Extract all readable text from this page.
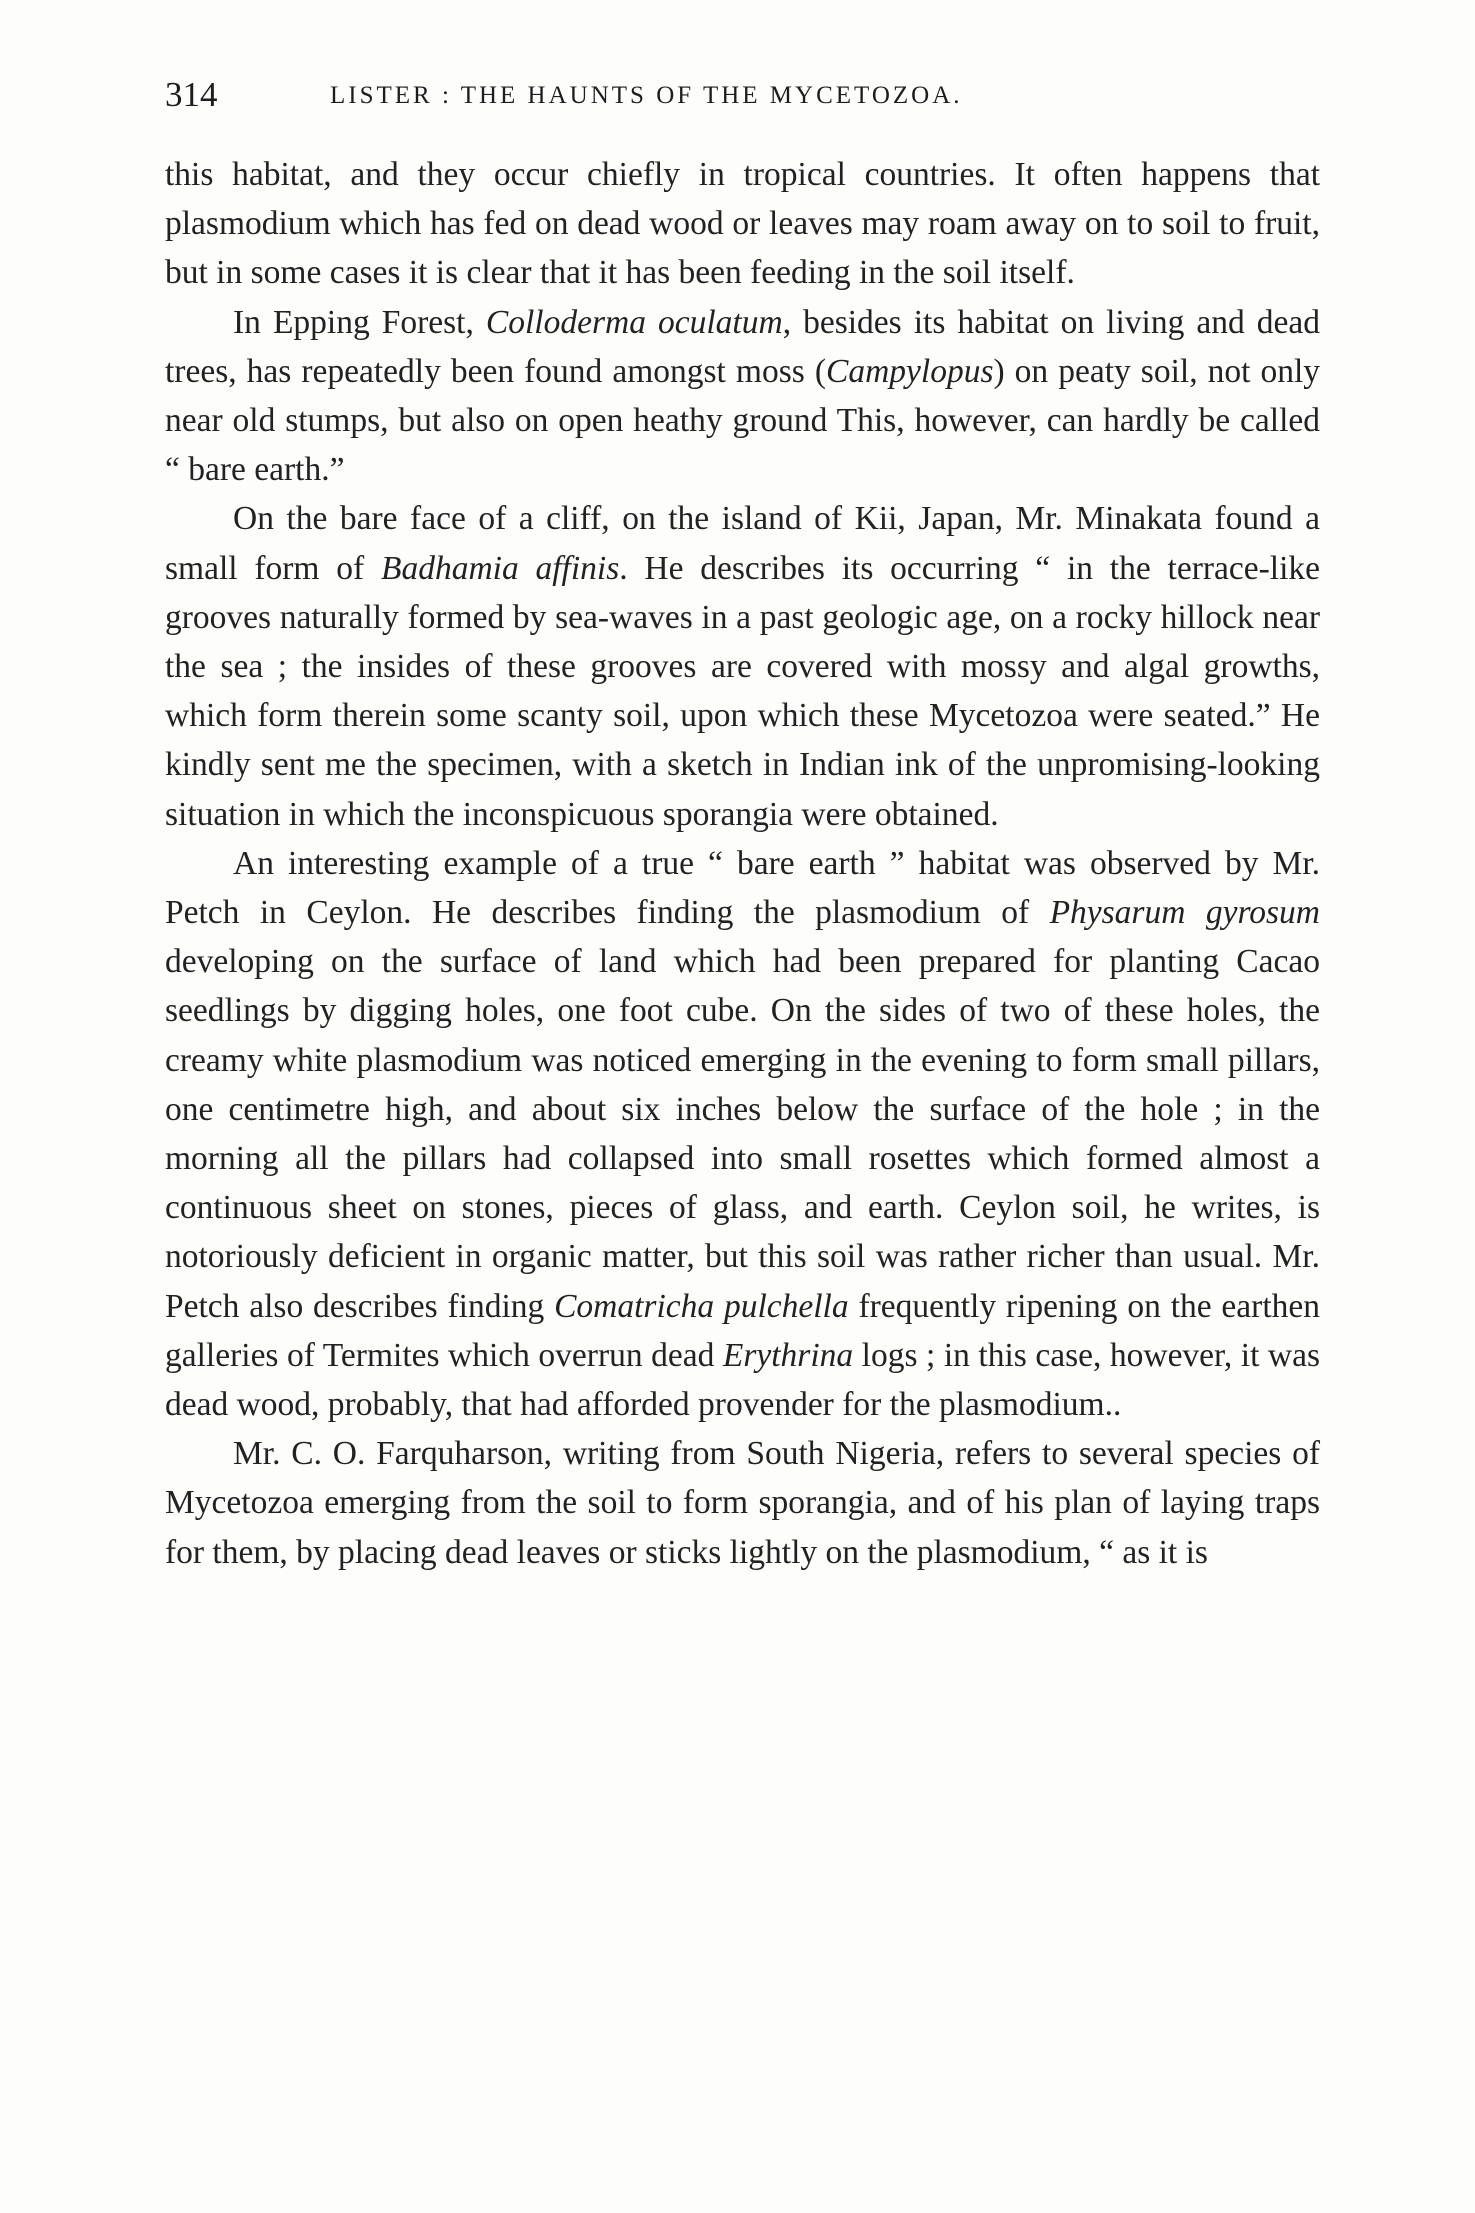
314	LISTER : THE HAUNTS OF THE MYCETOZOA.

this habitat, and they occur chiefly in tropical countries. It often happens that plasmodium which has fed on dead wood or leaves may roam away on to soil to fruit, but in some cases it is clear that it has been feeding in the soil itself.

In Epping Forest, Colloderma oculatum, besides its habitat on living and dead trees, has repeatedly been found amongst moss (Campylopus) on peaty soil, not only near old stumps, but also on open heathy ground This, however, can hardly be called “ bare earth.”

On the bare face of a cliff, on the island of Kii, Japan, Mr. Minakata found a small form of Badhamia affinis. He describes its occurring “ in the terrace-like grooves naturally formed by sea-waves in a past geologic age, on a rocky hillock near the sea ; the insides of these grooves are covered with mossy and algal growths, which form therein some scanty soil, upon which these Mycetozoa were seated.” He kindly sent me the specimen, with a sketch in Indian ink of the unpromising-looking situation in which the inconspicuous sporangia were obtained.

An interesting example of a true “ bare earth ” habitat was observed by Mr. Petch in Ceylon. He describes finding the plasmodium of Physarum gyrosum developing on the surface of land which had been prepared for planting Cacao seedlings by digging holes, one foot cube. On the sides of two of these holes, the creamy white plasmodium was noticed emerging in the evening to form small pillars, one centimetre high, and about six inches below the surface of the hole ; in the morning all the pillars had collapsed into small rosettes which formed almost a continuous sheet on stones, pieces of glass, and earth. Ceylon soil, he writes, is notoriously deficient in organic matter, but this soil was rather richer than usual. Mr. Petch also describes finding Comatricha pulchella frequently ripening on the earthen galleries of Termites which overrun dead Erythrina logs ; in this case, however, it was dead wood, probably, that had afforded provender for the plasmodium..

Mr. C. O. Farquharson, writing from South Nigeria, refers to several species of Mycetozoa emerging from the soil to form sporangia, and of his plan of laying traps for them, by placing dead leaves or sticks lightly on the plasmodium, “ as it is
